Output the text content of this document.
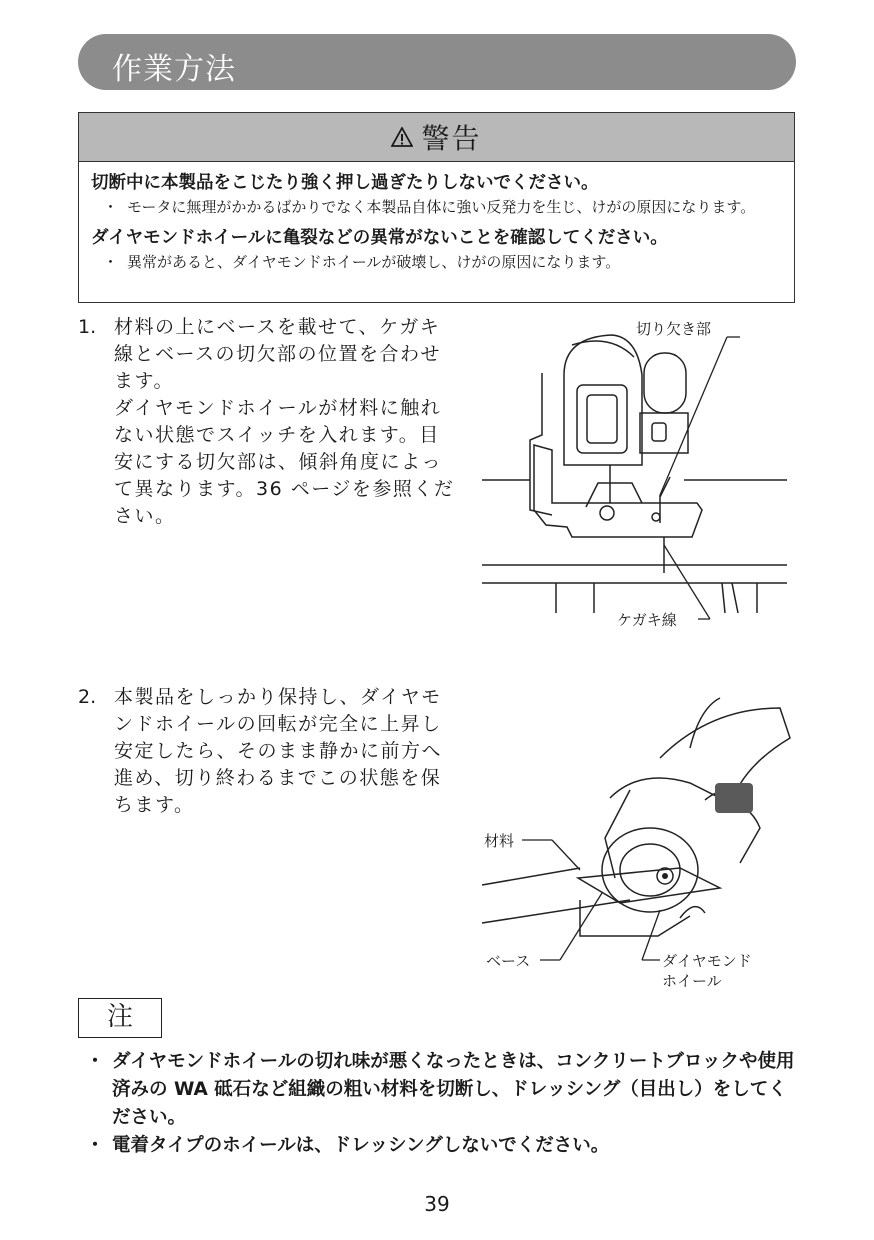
作業方法
警告
切断中に本製品をこじたり強く押し過ぎたりしないでください。
・ モータに無理がかかるばかりでなく本製品自体に強い反発力を生じ、けがの原因になります。
ダイヤモンドホイールに亀裂などの異常がないことを確認してください。
・ 異常があると、ダイヤモンドホイールが破壊し、けがの原因になります。
1. 材料の上にベースを載せて、ケガキ線とベースの切欠部の位置を合わせます。

ダイヤモンドホイールが材料に触れない状態でスイッチを入れます。目安にする切欠部は、傾斜角度によって異なります。36 ページを参照ください。

切り欠き部
ケガキ線
2. 本製品をしっかり保持し、ダイヤモンドホイールの回転が完全に上昇し安定したら、そのまま静かに前方へ進め、切り終わるまでこの状態を保ちます。

材料
ベース	ダイヤモンド
ホイール
注
・ ダイヤモンドホイールの切れ味が悪くなったときは、コンクリートブロックや使用済みの WA 砥石など組織の粗い材料を切断し、ドレッシング（目出し）をしてください。
・ 電着タイプのホイールは、ドレッシングしないでください。
39
